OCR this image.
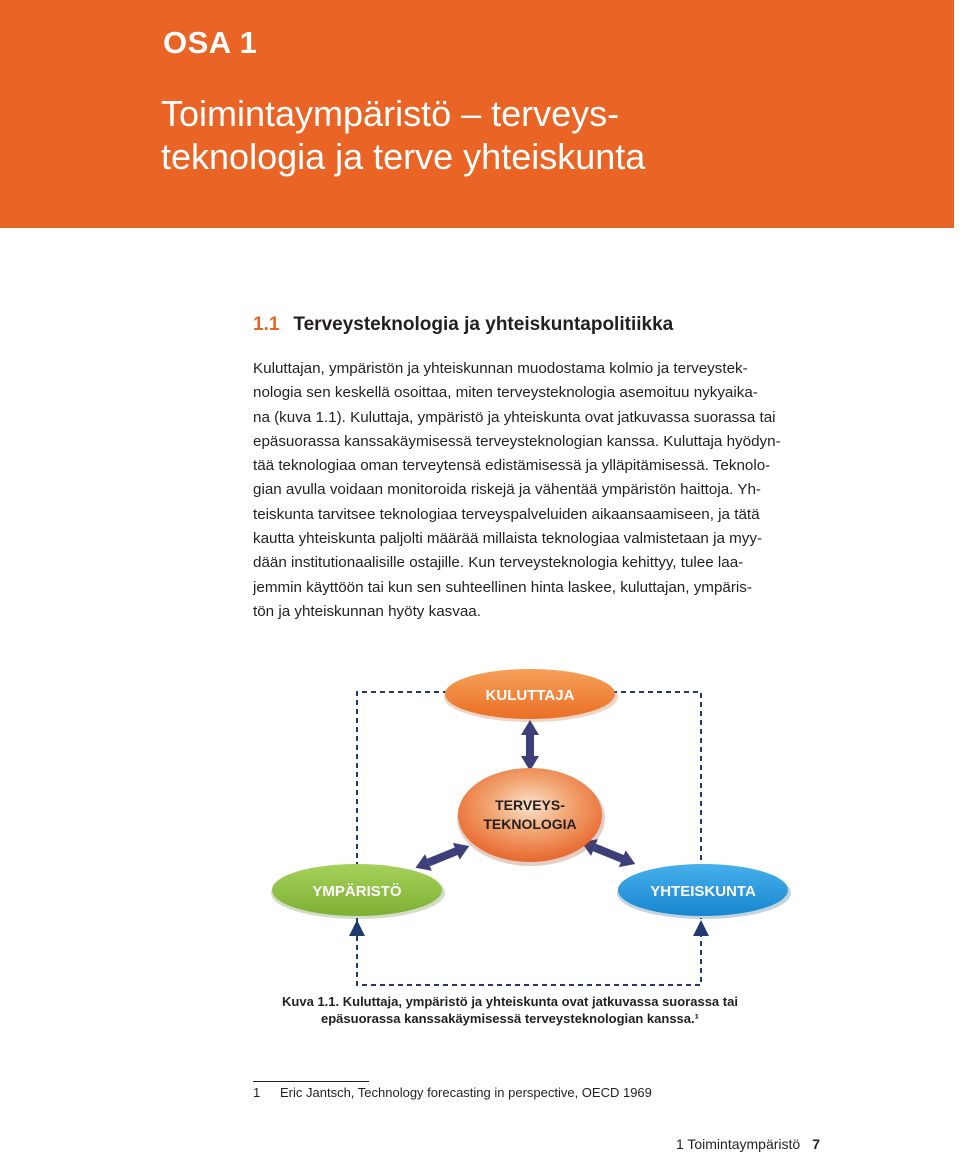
OSA 1
Toimintaympäristö – terveys-
teknologia ja terve yhteiskunta
1.1 Terveysteknologia ja yhteiskuntapolitiikka
Kuluttajan, ympäristön ja yhteiskunnan muodostama kolmio ja terveystek-
nologia sen keskellä osoittaa, miten terveysteknologia asemoituu nykyaika-
na (kuva 1.1). Kuluttaja, ympäristö ja yhteiskunta ovat jatkuvassa suorassa tai
epäsuorassa kanssakäymisessä terveysteknologian kanssa. Kuluttaja hyödyn-
tää teknologiaa oman terveytensä edistämisessä ja ylläpitämisessä. Teknolo-
gian avulla voidaan monitoroida riskejä ja vähentää ympäristön haittoja. Yh-
teiskunta tarvitsee teknologiaa terveyspalveluiden aikaansaamiseen, ja tätä
kautta yhteiskunta paljolti määrää millaista teknologiaa valmistetaan ja myy-
dään institutionaalisille ostajille. Kun terveysteknologia kehittyy, tulee laa-
jemmin käyttöön tai kun sen suhteellinen hinta laskee, kuluttajan, ympäris-
tön ja yhteiskunnan hyöty kasvaa.
KULUTTAJA
TERVEYS-
TEKNOLOGIA
YMPÄRISTÖ	YHTEISKUNTA
Kuva 1.1. Kuluttaja, ympäristö ja yhteiskunta ovat jatkuvassa suorassa tai
epäsuorassa kanssakäymisessä terveysteknologian kanssa.¹
1 Eric Jantsch, Technology forecasting in perspective, OECD 1969
1 Toimintaympäristö 7
